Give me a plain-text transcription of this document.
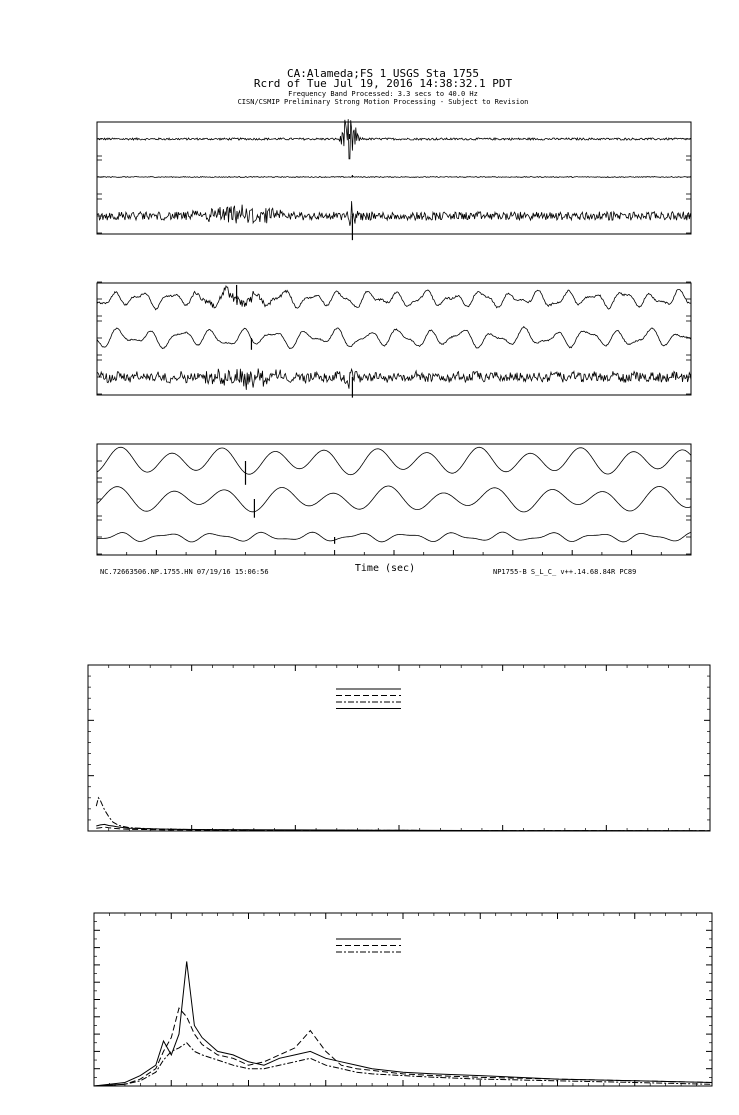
CA:Alameda;FS 1 USGS Sta 1755
Rcrd of Tue Jul 19, 2016 14:38:32.1 PDT
Frequency Band Processed: 3.3 secs to 40.0 Hz
CISN/CSMIP Preliminary Strong Motion Processing - Subject to Revision
Time (sec)
NC.72663506.NP.1755.HN 07/19/16 15:06:56	NP1755-B S_L_C_ v++.14.68.84R PC89
